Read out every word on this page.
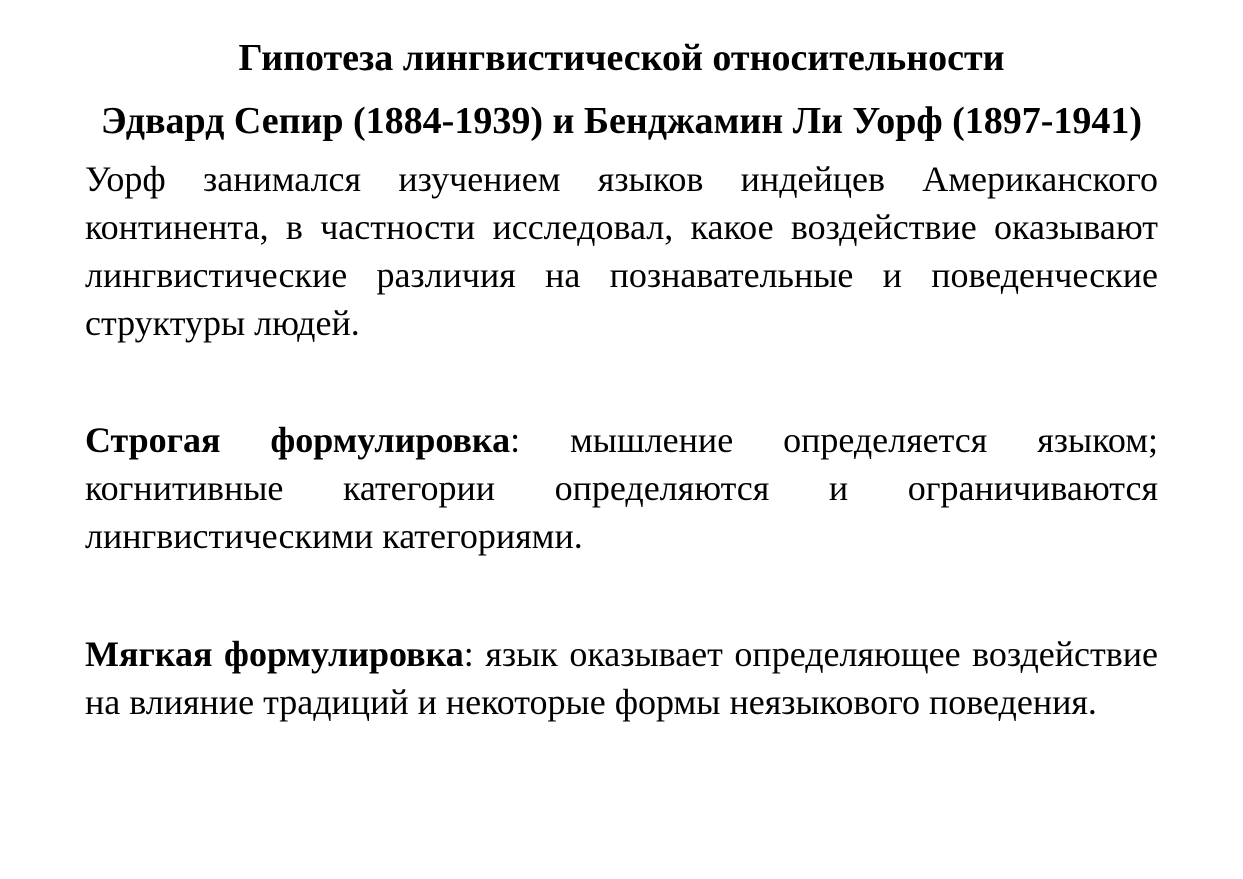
Гипотеза лингвистической относительности
Эдвард Сепир (1884-1939) и Бенджамин Ли Уорф (1897-1941)

Уорф занимался изучением языков индейцев Американского континента, в частности исследовал, какое воздействие оказывают лингвистические различия на познавательные и поведенческие структуры людей.

Строгая формулировка: мышление определяется языком; когнитивные категории определяются и ограничиваются лингвистическими категориями.

Мягкая формулировка: язык оказывает определяющее воздействие на влияние традиций и некоторые формы неязыкового поведения.
